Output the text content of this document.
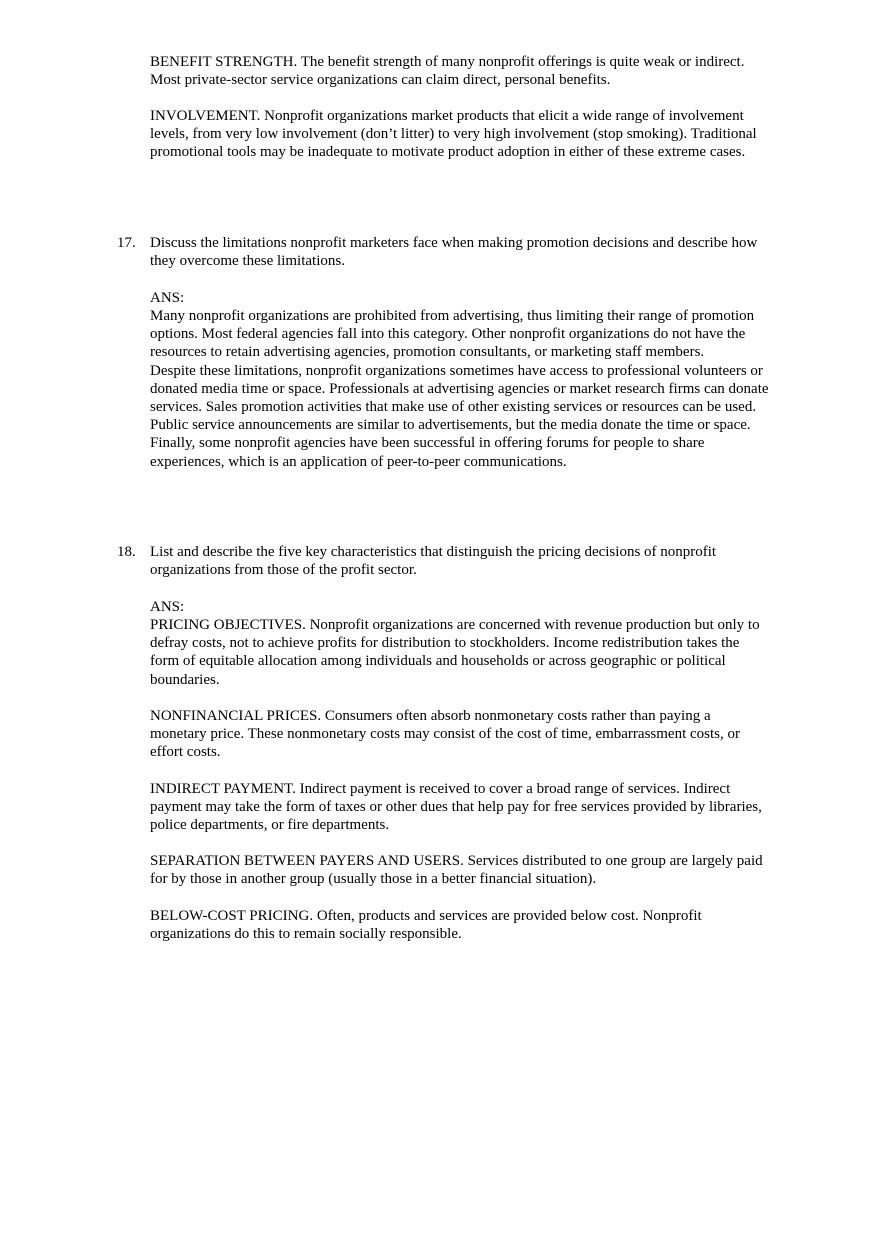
BENEFIT STRENGTH. The benefit strength of many nonprofit offerings is quite weak or indirect.
Most private-sector service organizations can claim direct, personal benefits.
INVOLVEMENT. Nonprofit organizations market products that elicit a wide range of involvement
levels, from very low involvement (don’t litter) to very high involvement (stop smoking). Traditional
promotional tools may be inadequate to motivate product adoption in either of these extreme cases.
17. Discuss the limitations nonprofit marketers face when making promotion decisions and describe how
they overcome these limitations.
ANS:
Many nonprofit organizations are prohibited from advertising, thus limiting their range of promotion
options. Most federal agencies fall into this category. Other nonprofit organizations do not have the
resources to retain advertising agencies, promotion consultants, or marketing staff members.
Despite these limitations, nonprofit organizations sometimes have access to professional volunteers or
donated media time or space. Professionals at advertising agencies or market research firms can donate
services. Sales promotion activities that make use of other existing services or resources can be used.
Public service announcements are similar to advertisements, but the media donate the time or space.
Finally, some nonprofit agencies have been successful in offering forums for people to share
experiences, which is an application of peer-to-peer communications.
18. List and describe the five key characteristics that distinguish the pricing decisions of nonprofit
organizations from those of the profit sector.
ANS:
PRICING OBJECTIVES. Nonprofit organizations are concerned with revenue production but only to
defray costs, not to achieve profits for distribution to stockholders. Income redistribution takes the
form of equitable allocation among individuals and households or across geographic or political
boundaries.
NONFINANCIAL PRICES. Consumers often absorb nonmonetary costs rather than paying a
monetary price. These nonmonetary costs may consist of the cost of time, embarrassment costs, or
effort costs.
INDIRECT PAYMENT. Indirect payment is received to cover a broad range of services. Indirect
payment may take the form of taxes or other dues that help pay for free services provided by libraries,
police departments, or fire departments.
SEPARATION BETWEEN PAYERS AND USERS. Services distributed to one group are largely paid
for by those in another group (usually those in a better financial situation).
BELOW-COST PRICING. Often, products and services are provided below cost. Nonprofit
organizations do this to remain socially responsible.
